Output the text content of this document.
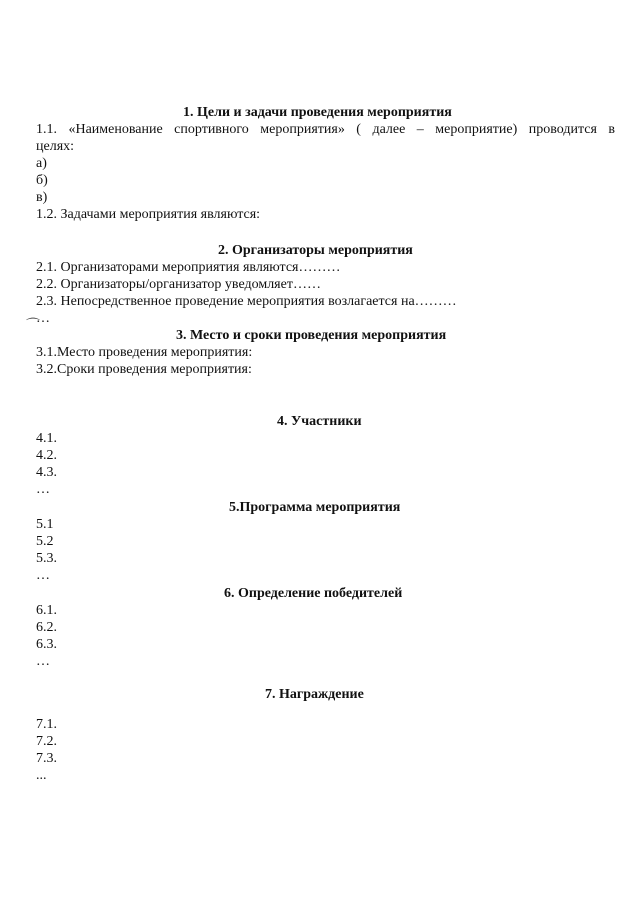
1. Цели и задачи проведения мероприятия
1.1. «Наименование спортивного мероприятия» ( далее – мероприятие) проводится в
целях:
а)
б)
в)
1.2. Задачами мероприятия являются:
2. Организаторы мероприятия
2.1. Организаторами мероприятия являются………
2.2. Организаторы/организатор уведомляет……
2.3. Непосредственное проведение мероприятия возлагается на………
…
⌒
3. Место и сроки проведения мероприятия
3.1.Место проведения мероприятия:
3.2.Сроки проведения мероприятия:
4. Участники
4.1.
4.2.
4.3.
…
5.Программа мероприятия
5.1
5.2
5.3.
…
6. Определение победителей
6.1.
6.2.
6.3.
…
7. Награждение
7.1.
7.2.
7.3.
...
